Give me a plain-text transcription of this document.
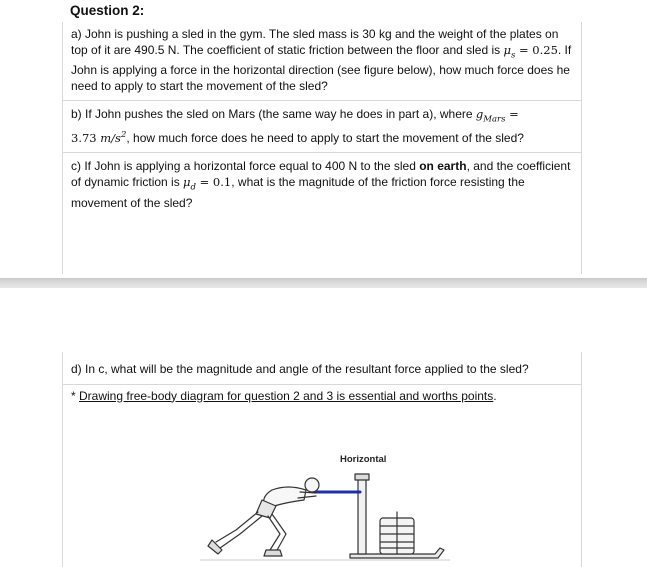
Question 2:

a) John is pushing a sled in the gym. The sled mass is 30 kg and the weight of the plates on top of it are 490.5 N. The coefficient of static friction between the floor and sled is $\mu_s = 0.25$. If John is applying a force in the horizontal direction (see figure below), how much force does he need to apply to start the movement of the sled?

b) If John pushes the sled on Mars (the same way he does in part a), where $g_{Mars}$ =
3.73 $m/s^2$, how much force does he need to apply to start the movement of the sled?

c) If John is applying a horizontal force equal to 400 N to the sled on earth, and the coefficient of dynamic friction is $\mu_d = 0.1$, what is the magnitude of the friction force resisting the movement of the sled?

d) In c, what will be the magnitude and angle of the resultant force applied to the sled?

* Drawing free-body diagram for question 2 and 3 is essential and worths points.
Horizontal
